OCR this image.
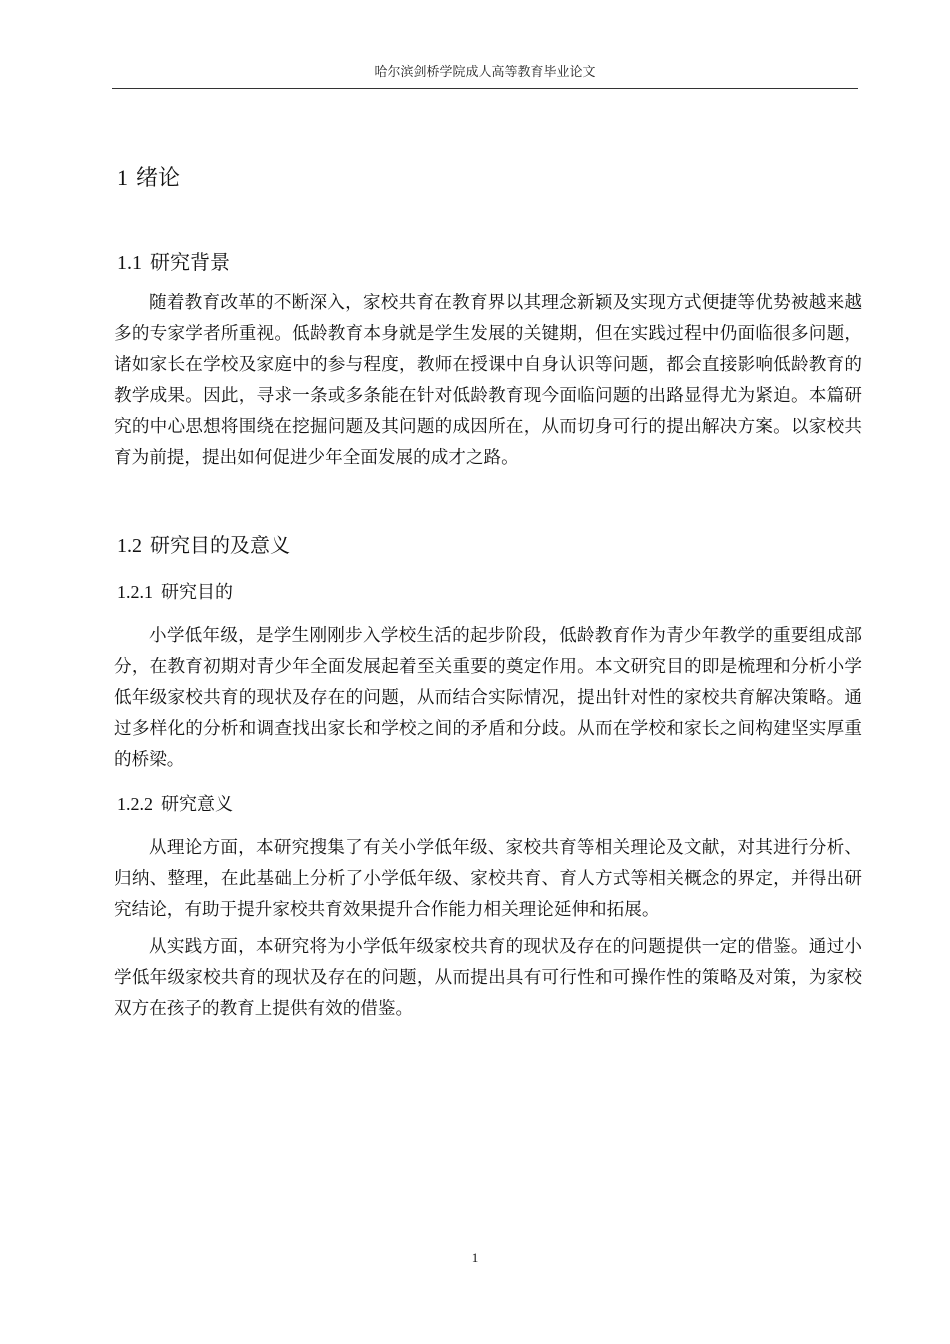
哈尔滨剑桥学院成人高等教育毕业论文
1 绪论
1.1 研究背景

随着教育改革的不断深入，家校共育在教育界以其理念新颖及实现方式便捷等优势被越来越多的专家学者所重视。低龄教育本身就是学生发展的关键期，但在实践过程中仍面临很多问题，诸如家长在学校及家庭中的参与程度，教师在授课中自身认识等问题，都会直接影响低龄教育的教学成果。因此，寻求一条或多条能在针对低龄教育现今面临问题的出路显得尤为紧迫。本篇研究的中心思想将围绕在挖掘问题及其问题的成因所在，从而切身可行的提出解决方案。以家校共育为前提，提出如何促进少年全面发展的成才之路。

1.2 研究目的及意义
1.2.1 研究目的

小学低年级，是学生刚刚步入学校生活的起步阶段，低龄教育作为青少年教学的重要组成部分，在教育初期对青少年全面发展起着至关重要的奠定作用。本文研究目的即是梳理和分析小学低年级家校共育的现状及存在的问题，从而结合实际情况，提出针对性的家校共育解决策略。通过多样化的分析和调查找出家长和学校之间的矛盾和分歧。从而在学校和家长之间构建坚实厚重的桥梁。

1.2.2 研究意义

从理论方面，本研究搜集了有关小学低年级、家校共育等相关理论及文献，对其进行分析、归纳、整理，在此基础上分析了小学低年级、家校共育、育人方式等相关概念的界定，并得出研究结论，有助于提升家校共育效果提升合作能力相关理论延伸和拓展。

从实践方面，本研究将为小学低年级家校共育的现状及存在的问题提供一定的借鉴。通过小学低年级家校共育的现状及存在的问题，从而提出具有可行性和可操作性的策略及对策，为家校双方在孩子的教育上提供有效的借鉴。

1
